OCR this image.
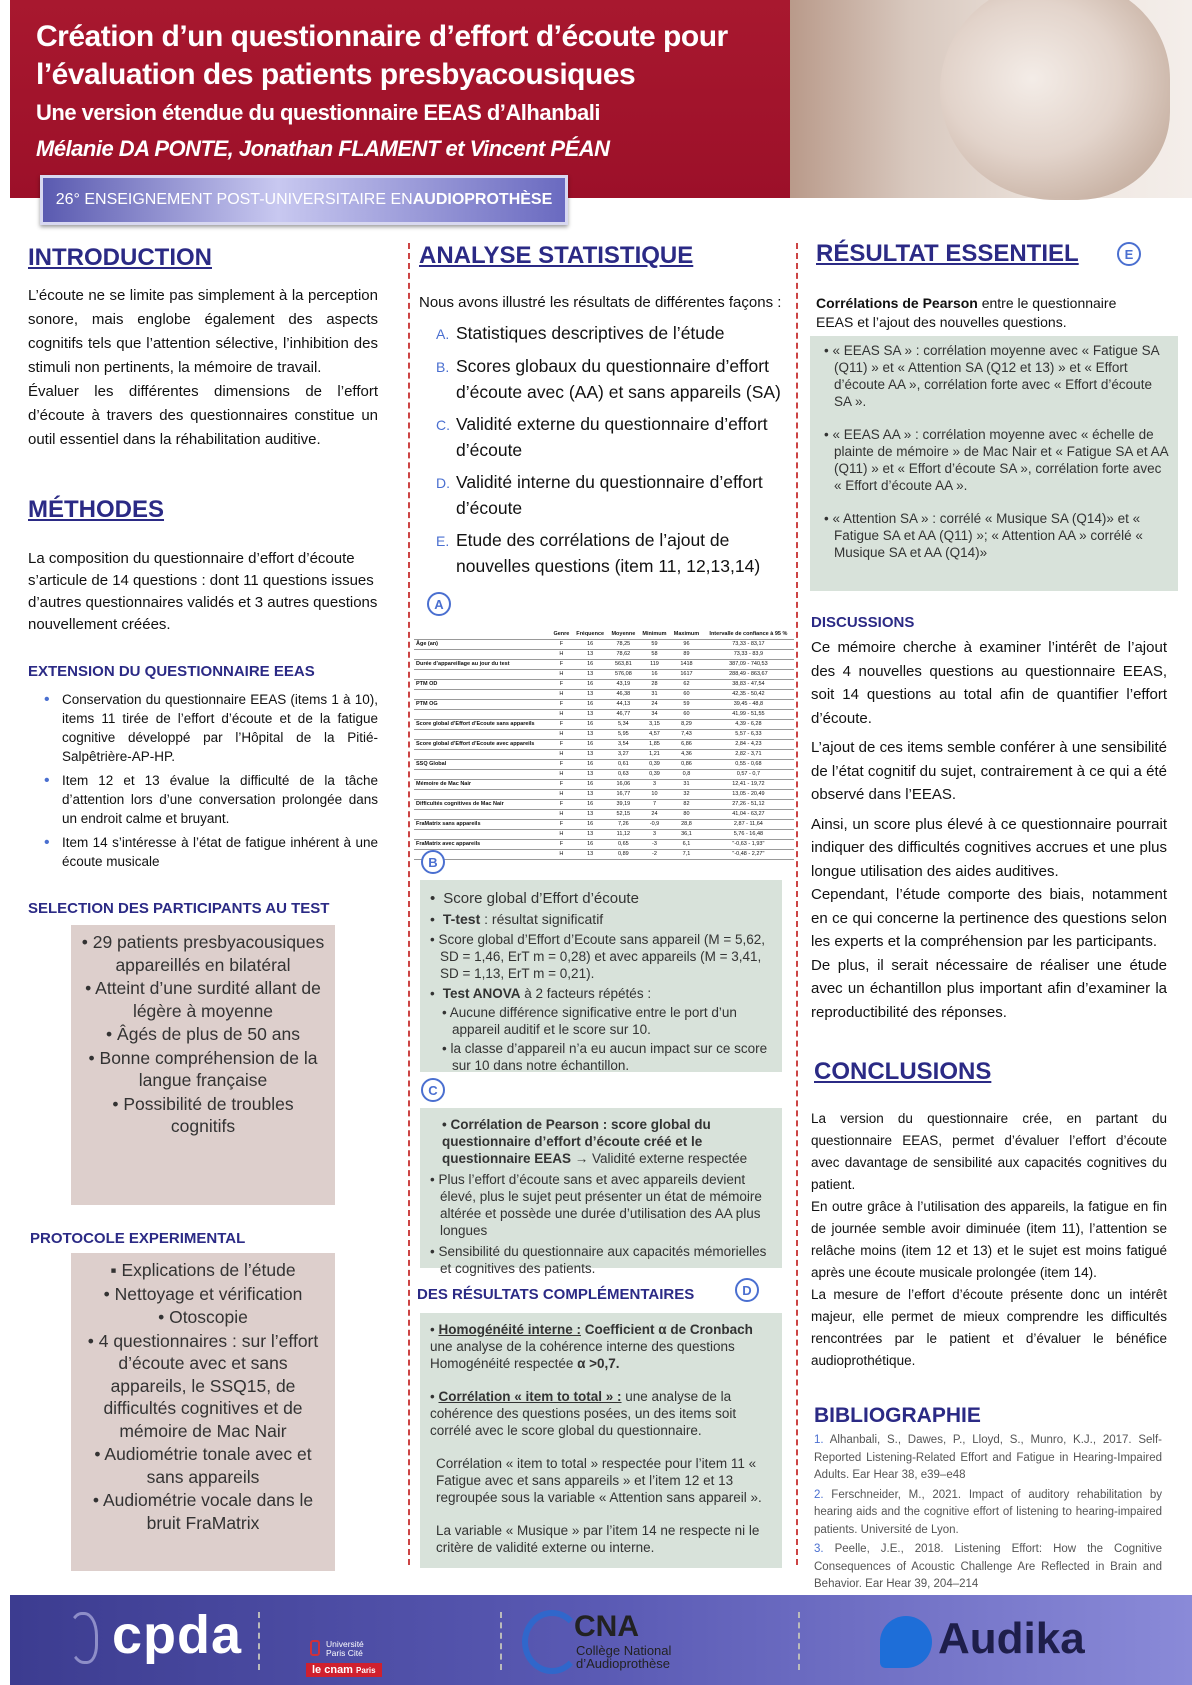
Création d’un questionnaire d’effort d’écoute pour l’évaluation des patients presbyacousiques
Une version étendue du questionnaire EEAS d’Alhanbali
Mélanie DA PONTE, Jonathan FLAMENT et Vincent PÉAN
26° ENSEIGNEMENT POST-UNIVERSITAIRE EN AUDIOPROTHÈSE
INTRODUCTION
L’écoute ne se limite pas simplement à la perception sonore, mais englobe également des aspects cognitifs tels que l’attention sélective, l’inhibition des stimuli non pertinents, la mémoire de travail.
Évaluer les différentes dimensions de l’effort d’écoute à travers des questionnaires constitue un outil essentiel dans la réhabilitation auditive.
MÉTHODES
La composition du questionnaire d’effort d’écoute s’articule de 14 questions : dont 11 questions issues d’autres questionnaires validés et 3 autres questions nouvellement créées.
EXTENSION DU QUESTIONNAIRE EEAS
• Conservation du questionnaire EEAS (items 1 à 10), items 11 tirée de l’effort d’écoute et de la fatigue cognitive développé par l’Hôpital de la Pitié-Salpêtrière-AP-HP.
• Item 12 et 13 évalue la difficulté de la tâche d’attention lors d’une conversation prolongée dans un endroit calme et bruyant.
• Item 14 s’intéresse à l’état de fatigue inhérent à une écoute musicale
SELECTION DES PARTICIPANTS AU TEST
• 29 patients presbyacousiques appareillés en bilatéral
• Atteint d’une surdité allant de légère à moyenne
• Âgés de plus de 50 ans
• Bonne compréhension de la langue française
• Possibilité de troubles cognitifs
PROTOCOLE EXPERIMENTAL
▪ Explications de l’étude
• Nettoyage et vérification
• Otoscopie
• 4 questionnaires : sur l’effort d’écoute avec et sans appareils, le SSQ15, de difficultés cognitives et de mémoire de Mac Nair
• Audiométrie tonale avec et sans appareils
• Audiométrie vocale dans le bruit FraMatrix
ANALYSE STATISTIQUE
Nous avons illustré les résultats de différentes façons :
A. Statistiques descriptives de l’étude
B. Scores globaux du questionnaire d’effort d’écoute avec (AA) et sans appareils (SA)
C. Validité externe du questionnaire d’effort d’écoute
D. Validité interne du questionnaire d’effort d’écoute
E. Etude des corrélations de l’ajout de nouvelles questions (item 11, 12,13,14)
A
	Genre	Fréquence	Moyenne	Minimum	Maximum	Intervalle de confiance à 95 %
Âge (an)	F	16	78,25	59	96	73,33 - 83,17
	H	13	78,62	58	89	73,33 - 83,9
Durée d’appareillage au jour du test	F	16	563,81	119	1418	387,09 - 740,53
	H	13	576,08	16	1617	288,49 - 863,67
PTM OD	F	16	43,19	28	62	38,83 - 47,54
	H	13	46,38	31	60	42,35 - 50,42
PTM OG	F	16	44,13	24	59	39,45 - 48,8
	H	13	46,77	34	60	41,99 - 51,55
Score global d’Effort d’Ecoute sans appareils	F	16	5,34	3,15	8,29	4,39 - 6,28
	H	13	5,95	4,57	7,43	5,57 - 6,33
Score global d’Effort d’Ecoute avec appareils	F	16	3,54	1,85	6,86	2,84 - 4,23
	H	13	3,27	1,21	4,36	2,82 - 3,71
SSQ Global	F	16	0,61	0,39	0,86	0,55 - 0,68
	H	13	0,63	0,39	0,8	0,57 - 0,7
Mémoire de Mac Nair	F	16	16,06	3	31	12,41 - 19,72
	H	13	16,77	10	32	13,05 - 20,49
Difficultés cognitives de Mac Nair	F	16	39,19	7	82	27,26 - 51,12
	H	13	52,15	24	80	41,04 - 63,27
FraMatrix sans appareils	F	16	7,26	-0,9	28,8	2,87 - 11,64
	H	13	11,12	3	36,1	5,76 - 16,48
FraMatrix avec appareils	F	16	0,65	-3	6,1	"-0,63 - 1,93"
	H	13	0,89	-2	7,1	"-0,48 - 2,27"
B
• Score global d’Effort d’écoute
• T-test : résultat significatif
• Score global d’Effort d’Ecoute sans appareil (M = 5,62, SD = 1,46, ErT m = 0,28) et avec appareils (M = 3,41, SD = 1,13, ErT m = 0,21).
• Test ANOVA à 2 facteurs répétés :
• Aucune différence significative entre le port d’un appareil auditif et le score sur 10.
• la classe d’appareil n’a eu aucun impact sur ce score sur 10 dans notre échantillon.
C
• Corrélation de Pearson : score global du questionnaire d’effort d’écoute créé et le questionnaire EEAS → Validité externe respectée
• Plus l’effort d’écoute sans et avec appareils devient élevé, plus le sujet peut présenter un état de mémoire altérée et possède une durée d’utilisation des AA plus longues
• Sensibilité du questionnaire aux capacités mémorielles et cognitives des patients.
DES RÉSULTATS COMPLÉMENTAIRES	D
• Homogénéité interne : Coefficient α de Cronbach une analyse de la cohérence interne des questions Homogénéité respectée α >0,7.
• Corrélation « item to total » : une analyse de la cohérence des questions posées, un des items soit corrélé avec le score global du questionnaire.
Corrélation « item to total » respectée pour l’item 11 « Fatigue avec et sans appareils » et l’item 12 et 13 regroupée sous la variable « Attention sans appareil ».
La variable « Musique » par l’item 14 ne respecte ni le critère de validité externe ou interne.
RÉSULTAT ESSENTIEL	E
Corrélations de Pearson entre le questionnaire EEAS et l’ajout des nouvelles questions.
• « EEAS SA » : corrélation moyenne avec « Fatigue SA (Q11) » et « Attention SA (Q12 et 13) » et « Effort d’écoute AA », corrélation forte avec « Effort d’écoute SA ».
• « EEAS AA » : corrélation moyenne avec « échelle de plainte de mémoire » de Mac Nair et « Fatigue SA et AA (Q11) » et « Effort d’écoute SA », corrélation forte avec « Effort d’écoute AA ».
• « Attention SA » : corrélé « Musique SA (Q14)» et « Fatigue SA et AA (Q11) »; « Attention AA » corrélé « Musique SA et AA (Q14)»
DISCUSSIONS
Ce mémoire cherche à examiner l’intérêt de l’ajout des 4 nouvelles questions au questionnaire EEAS, soit 14 questions au total afin de quantifier l’effort d’écoute.
L’ajout de ces items semble conférer à une sensibilité de l’état cognitif du sujet, contrairement à ce qui a été observé dans l’EEAS.
Ainsi, un score plus élevé à ce questionnaire pourrait indiquer des difficultés cognitives accrues et une plus longue utilisation des aides auditives.
Cependant, l’étude comporte des biais, notamment en ce qui concerne la pertinence des questions selon les experts et la compréhension par les participants.
De plus, il serait nécessaire de réaliser une étude avec un échantillon plus important afin d’examiner la reproductibilité des réponses.
CONCLUSIONS
La version du questionnaire crée, en partant du questionnaire EEAS, permet d’évaluer l’effort d’écoute avec davantage de sensibilité aux capacités cognitives du patient.
En outre grâce à l’utilisation des appareils, la fatigue en fin de journée semble avoir diminuée (item 11), l’attention se relâche moins (item 12 et 13) et le sujet est moins fatigué après une écoute musicale prolongée (item 14).
La mesure de l’effort d’écoute présente donc un intérêt majeur, elle permet de mieux comprendre les difficultés rencontrées par le patient et d’évaluer le bénéfice audioprothétique.
BIBLIOGRAPHIE
1. Alhanbali, S., Dawes, P., Lloyd, S., Munro, K.J., 2017. Self-Reported Listening-Related Effort and Fatigue in Hearing-Impaired Adults. Ear Hear 38, e39–e48
2. Ferschneider, M., 2021. Impact of auditory rehabilitation by hearing aids and the cognitive effort of listening to hearing-impaired patients. Université de Lyon.
3. Peelle, J.E., 2018. Listening Effort: How the Cognitive Consequences of Acoustic Challenge Are Reflected in Brain and Behavior. Ear Hear 39, 204–214
cpda	Université
Paris Cité
le cnam Paris
CNA
Collège National
d’Audioprothèse
Audika
